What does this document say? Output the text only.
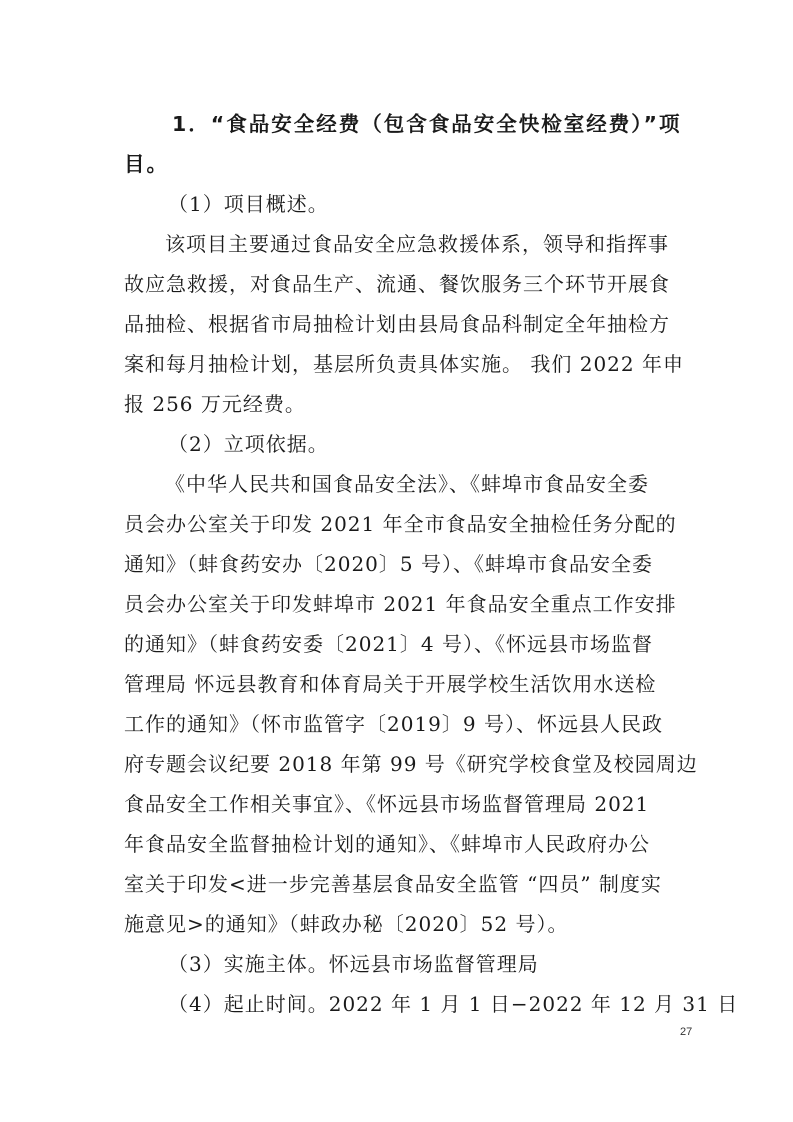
1．“食品安全经费（包含食品安全快检室经费）”项
目。
（1）项目概述。
该项目主要通过食品安全应急救援体系，领导和指挥事
故应急救援，对食品生产、流通、餐饮服务三个环节开展食
品抽检、根据省市局抽检计划由县局食品科制定全年抽检方
案和每月抽检计划，基层所负责具体实施。 我们 2022 年申
报 256 万元经费。
（2）立项依据。
《中华人民共和国食品安全法》、《蚌埠市食品安全委
员会办公室关于印发 2021 年全市食品安全抽检任务分配的
通知》（蚌食药安办〔2020〕5 号）、《蚌埠市食品安全委
员会办公室关于印发蚌埠市 2021 年食品安全重点工作安排
的通知》（蚌食药安委〔2021〕4 号）、《怀远县市场监督
管理局 怀远县教育和体育局关于开展学校生活饮用水送检
工作的通知》（怀市监管字〔2019〕9 号）、怀远县人民政
府专题会议纪要 2018 年第 99 号《研究学校食堂及校园周边
食品安全工作相关事宜》、《怀远县市场监督管理局 2021
年食品安全监督抽检计划的通知》、《蚌埠市人民政府办公
室关于印发<进一步完善基层食品安全监管 “四员” 制度实
施意见>的通知》（蚌政办秘〔2020〕52 号）。
（3）实施主体。怀远县市场监督管理局
（4）起止时间。2022 年 1 月 1 日−2022 年 12 月 31 日
27
